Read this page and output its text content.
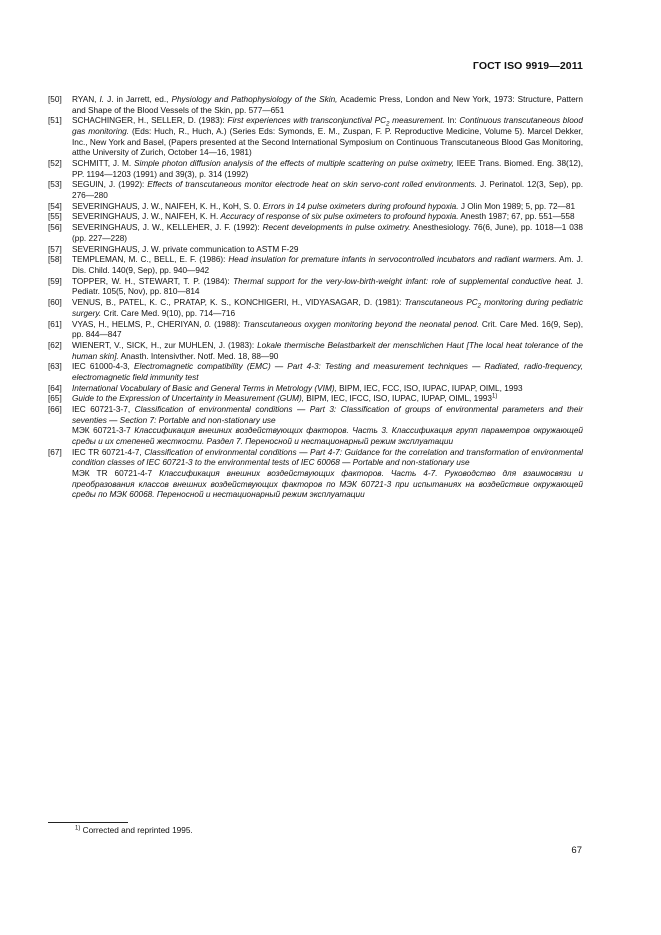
ГОСТ ISO 9919—2011
[50]	RYAN, I. J. in Jarrett, ed., Physiology and Pathophysiology of the Skin, Academic Press, London and New York, 1973: Structure, Pattern and Shape of the Blood Vessels of the Skin, pp. 577—651
[51]	SCHACHINGER, H., SELLER, D. (1983): First experiences with transconjunctival $PC_2$ measurement. In: Continuous transcutaneous blood gas monitoring. (Eds: Huch, R., Huch, A.) (Series Eds: Symonds, E. M., Zuspan, F. P. Reproductive Medicine, Volume 5). Marcel Dekker, Inc., New York and Basel, (Papers presented at the Second International Symposium on Continuous Transcutaneous Blood Gas Monitoring, atthe University of Zurich, October 14—16, 1981)
[52]	SCHMITT, J. M. Simple photon diffusion analysis of the effects of multiple scattering on pulse oximetry, IEEE Trans. Biomed. Eng. 38(12), PP. 1194—1203 (1991) and 39(3), p. 314 (1992)
[53]	SEGUIN, J. (1992): Effects of transcutaneous monitor electrode heat on skin servo-cont rolled environments. J. Perinatol. 12(3, Sep), pp. 276—280
[54]	SEVERINGHAUS, J. W., NAIFEH, K. H., KoH, S. 0. Errors in 14 pulse oximeters during profound hypoxia. J Olin Mon 1989; 5, pp. 72—81
[55]	SEVERINGHAUS, J. W., NAIFEH, K. H. Accuracy of response of six pulse oximeters to profound hypoxia. Anesth 1987; 67, pp. 551—558
[56]	SEVERINGHAUS, J. W., KELLEHER, J. F. (1992): Recent developments in pulse oximetry. Anesthesiology. 76(6, June), pp. 1018—1 038 (pp. 227—228)
[57]	SEVERINGHAUS, J. W. private communication to ASTM F-29
[58]	TEMPLEMAN, M. C., BELL, E. F. (1986): Head insulation for premature infants in servocontrolled incubators and radiant warmers. Am. J. Dis. Child. 140(9, Sep), pp. 940—942
[59]	TOPPER, W. H., STEWART, T. P. (1984): Thermal support for the very-low-birth-weight infant: role of supplemental conductive heat. J. Pediatr. 105(5, Nov), pp. 810—814
[60]	VENUS, B., PATEL, K. C., PRATAP, K. S., KONCHIGERI, H., VIDYASAGAR, D. (1981): Transcutaneous $PC_2$ monitoring during pediatric surgery. Crit. Care Med. 9(10), pp. 714—716
[61]	VYAS, H., HELMS, P., CHERIYAN, 0. (1988): Transcutaneous oxygen monitoring beyond the neonatal penod. Crit. Care Med. 16(9, Sep), pp. 844—847
[62]	WIENERT, V., SICK, H., zur MUHLEN, J. (1983): Lokale thermische Belastbarkeit der menschlichen Haut [The local heat tolerance of the human skin]. Anasth. Intensivther. Notf. Med. 18, 88—90
[63]	IEC 61000-4-3, Electromagnetic compatibility (EMC) — Part 4-3: Testing and measurement techniques — Radiated, radio-frequency, electromagnetic field immunity test
[64]	International Vocabulary of Basic and General Terms in Metrology (VIM), BIPM, IEC, FCC, ISO, IUPAC, IUPAP, OIML, 1993
[65]	Guide to the Expression of Uncertainty in Measurement (GUM), BIPM, IEC, IFCC, ISO, IUPAC, IUPAP, OIML, 1993$^{1)}$
[66]	IEC 60721-3-7, Classification of environmental conditions — Part 3: Classification of groups of environmental parameters and their seventies — Section 7: Portable and non-stationary use
МЭК 60721-3-7 Классификация внешних воздействующих факторов. Часть 3. Классификация групп параметров окружающей среды и их степеней жесткости. Раздел 7. Переносной и нестационарный режим эксплуатации
[67]	IEC TR 60721-4-7, Classification of environmental conditions — Part 4-7: Guidance for the correlation and transformation of environmental condition classes of IEC 60721-3 to the environmental tests of IEC 60068 — Portable and non-stationary use
МЭК TR 60721-4-7 Классификация внешних воздействующих факторов. Часть 4-7. Руководство для взаимосвязи и преобразования классов внешних воздействующих факторов по МЭК 60721-3 при испытаниях на воздействие окружающей среды по МЭК 60068. Переносной и нестационарный режим эксплуатации
$^{1)}$ Corrected and reprinted 1995.
67
